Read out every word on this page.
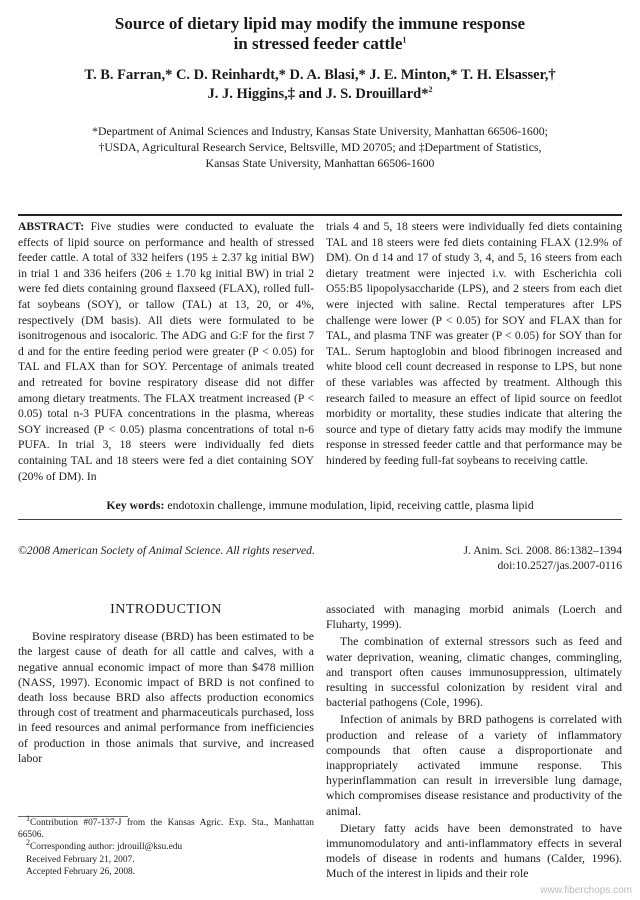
Source of dietary lipid may modify the immune response
in stressed feeder cattle$^1$
T. B. Farran,* C. D. Reinhardt,* D. A. Blasi,* J. E. Minton,* T. H. Elsasser,†
J. J. Higgins,‡ and J. S. Drouillard*$^2$
*Department of Animal Sciences and Industry, Kansas State University, Manhattan 66506-1600;
†USDA, Agricultural Research Service, Beltsville, MD 20705; and ‡Department of Statistics,
Kansas State University, Manhattan 66506-1600
ABSTRACT: Five studies were conducted to evaluate the effects of lipid source on performance and health of stressed feeder cattle. A total of 332 heifers (195 ± 2.37 kg initial BW) in trial 1 and 336 heifers (206 ± 1.70 kg initial BW) in trial 2 were fed diets containing ground flaxseed (FLAX), rolled full-fat soybeans (SOY), or tallow (TAL) at 13, 20, or 4%, respectively (DM basis). All diets were formulated to be isonitrogenous and isocaloric. The ADG and G:F for the first 7 d and for the entire feeding period were greater (P < 0.05) for TAL and FLAX than for SOY. Percentage of animals treated and retreated for bovine respiratory disease did not differ among dietary treatments. The FLAX treatment increased (P < 0.05) total n-3 PUFA concentrations in the plasma, whereas SOY increased (P < 0.05) plasma concentrations of total n-6 PUFA. In trial 3, 18 steers were individually fed diets containing TAL and 18 steers were fed a diet containing SOY (20% of DM). In
trials 4 and 5, 18 steers were individually fed diets containing TAL and 18 steers were fed diets containing FLAX (12.9% of DM). On d 14 and 17 of study 3, 4, and 5, 16 steers from each dietary treatment were injected i.v. with Escherichia coli O55:B5 lipopolysaccharide (LPS), and 2 steers from each diet were injected with saline. Rectal temperatures after LPS challenge were lower (P < 0.05) for SOY and FLAX than for TAL, and plasma TNF was greater (P < 0.05) for SOY than for TAL. Serum haptoglobin and blood fibrinogen increased and white blood cell count decreased in response to LPS, but none of these variables was affected by treatment. Although this research failed to measure an effect of lipid source on feedlot morbidity or mortality, these studies indicate that altering the source and type of dietary fatty acids may modify the immune response in stressed feeder cattle and that performance may be hindered by feeding full-fat soybeans to receiving cattle.
Key words: endotoxin challenge, immune modulation, lipid, receiving cattle, plasma lipid
©2008 American Society of Animal Science. All rights reserved.	J. Anim. Sci. 2008. 86:1382–1394
doi:10.2527/jas.2007-0116
INTRODUCTION

Bovine respiratory disease (BRD) has been estimated to be the largest cause of death for all cattle and calves, with a negative annual economic impact of more than $478 million (NASS, 1997). Economic impact of BRD is not confined to death loss because BRD also affects production economics through cost of treatment and pharmaceuticals purchased, loss in feed resources and animal performance from inefficiencies of production in those animals that survive, and increased labor

1Contribution #07-137-J from the Kansas Agric. Exp. Sta., Manhattan 66506.

2Corresponding author: jdrouill@ksu.edu

Received February 21, 2007.

Accepted February 26, 2008.

associated with managing morbid animals (Loerch and Fluharty, 1999).

The combination of external stressors such as feed and water deprivation, weaning, climatic changes, commingling, and transport often causes immunosuppression, ultimately resulting in successful colonization by resident viral and bacterial pathogens (Cole, 1996).

Infection of animals by BRD pathogens is correlated with production and release of a variety of inflammatory compounds that often cause a disproportionate and inappropriately activated immune response. This hyperinflammation can result in irreversible lung damage, which compromises disease resistance and productivity of the animal.

Dietary fatty acids have been demonstrated to have immunomodulatory and anti-inflammatory effects in several models of disease in rodents and humans (Calder, 1996). Much of the interest in lipids and their role

www.fiberchops.com
